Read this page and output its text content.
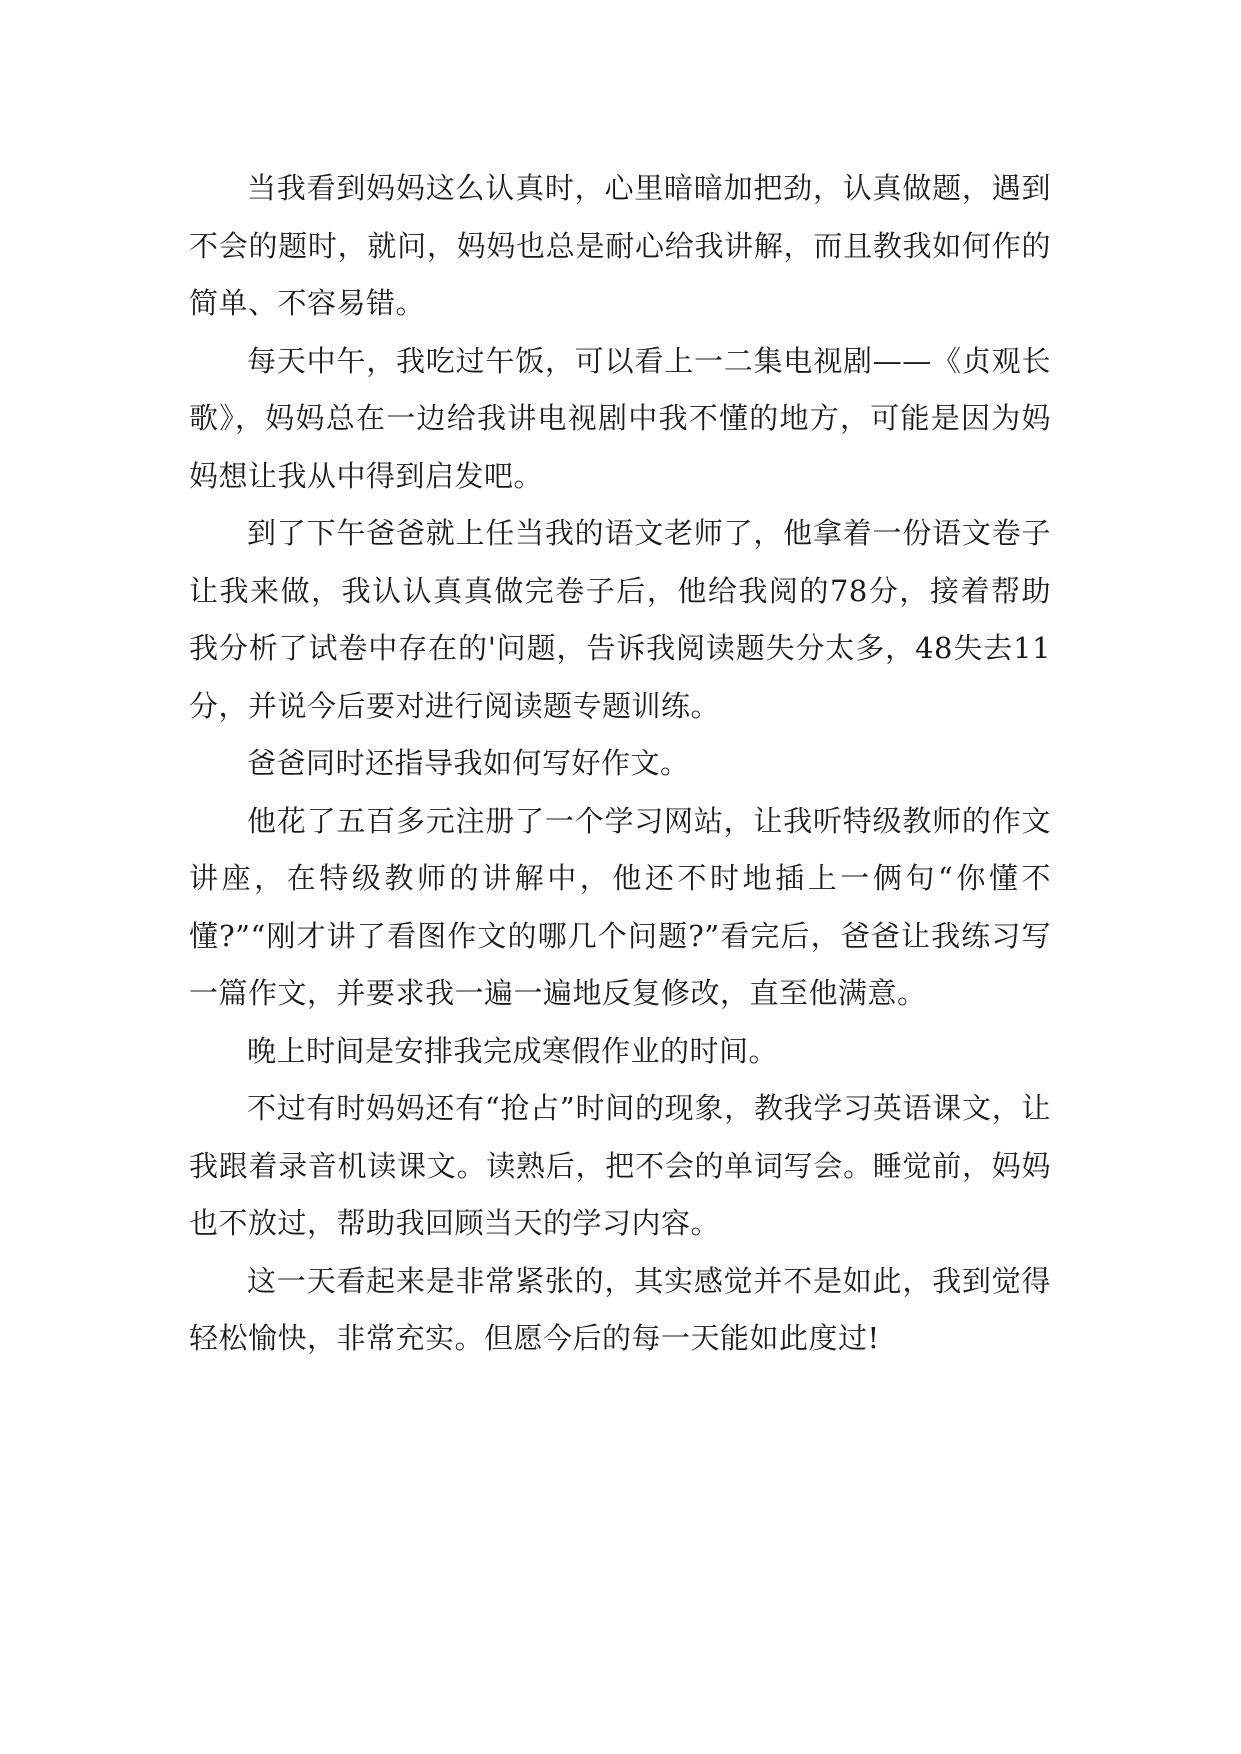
当我看到妈妈这么认真时，心里暗暗加把劲，认真做题，遇到不会的题时，就问，妈妈也总是耐心给我讲解，而且教我如何作的简单、不容易错。

每天中午，我吃过午饭，可以看上一二集电视剧——《贞观长歌》，妈妈总在一边给我讲电视剧中我不懂的地方，可能是因为妈妈想让我从中得到启发吧。

到了下午爸爸就上任当我的语文老师了，他拿着一份语文卷子让我来做，我认认真真做完卷子后，他给我阅的78分，接着帮助我分析了试卷中存在的'问题，告诉我阅读题失分太多，48失去11分，并说今后要对进行阅读题专题训练。

爸爸同时还指导我如何写好作文。

他花了五百多元注册了一个学习网站，让我听特级教师的作文讲座，在特级教师的讲解中，他还不时地插上一俩句“你懂不懂?”“刚才讲了看图作文的哪几个问题?”看完后，爸爸让我练习写一篇作文，并要求我一遍一遍地反复修改，直至他满意。

晚上时间是安排我完成寒假作业的时间。

不过有时妈妈还有“抢占”时间的现象，教我学习英语课文，让我跟着录音机读课文。读熟后，把不会的单词写会。睡觉前，妈妈也不放过，帮助我回顾当天的学习内容。

这一天看起来是非常紧张的，其实感觉并不是如此，我到觉得轻松愉快，非常充实。但愿今后的每一天能如此度过!
